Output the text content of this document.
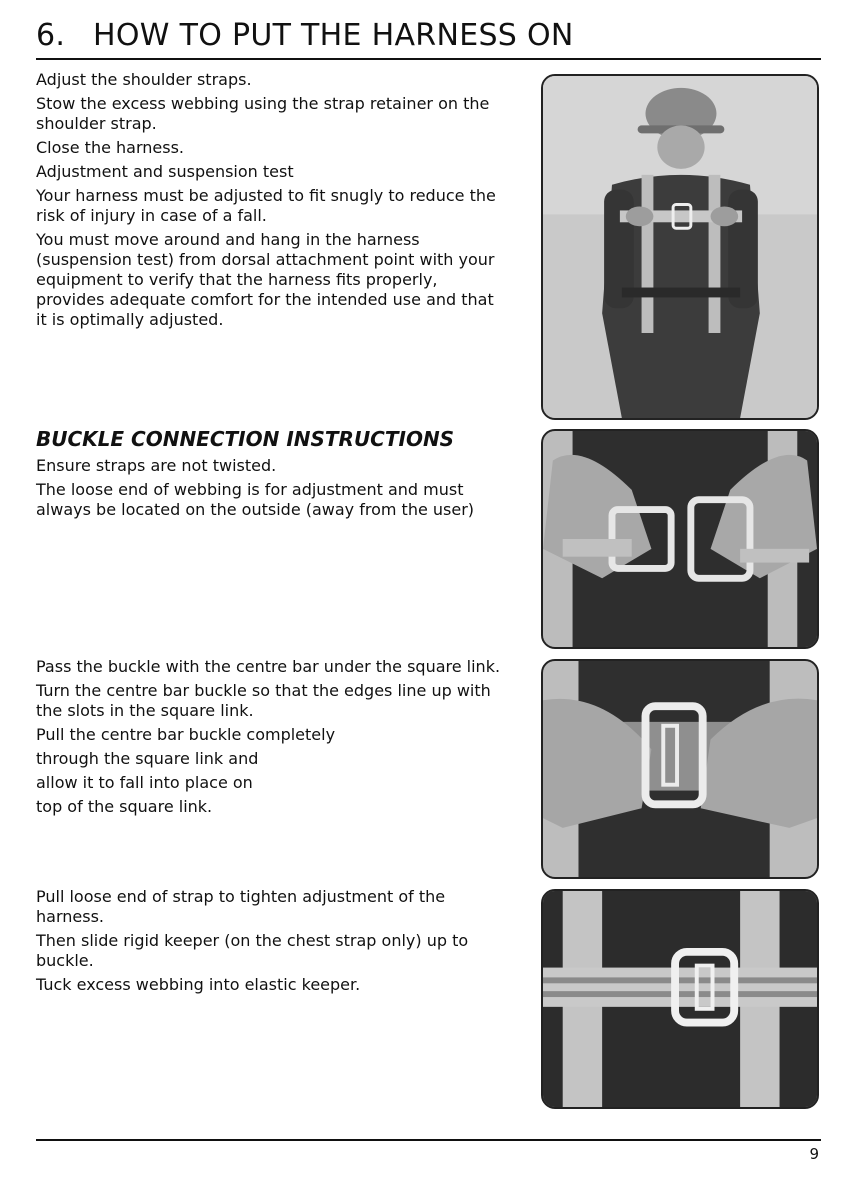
6. HOW TO PUT THE HARNESS ON

Adjust the shoulder straps.

Stow the excess webbing using the strap retainer on the shoulder strap.

Close the harness.

Adjustment and suspension test

Your harness must be adjusted to fit snugly to reduce the risk of injury in case of a fall.

You must move around and hang in the harness (suspension test) from dorsal attachment point with your equipment to verify that the harness fits properly, provides adequate comfort for the intended use and that it is optimally adjusted.

BUCKLE CONNECTION INSTRUCTIONS

Ensure straps are not twisted.

The loose end of webbing is for adjustment and must always be located on the outside (away from the user)

Pass the buckle with the centre bar under the square link.

Turn the centre bar buckle so that the edges line up with the slots in the square link.

Pull the centre bar buckle completely

through the square link and

allow it to fall into place on

top of the square link.

Pull loose end of strap to tighten adjustment of the harness.

Then slide rigid keeper (on the chest strap only) up to buckle.

Tuck excess webbing into elastic keeper.

9
